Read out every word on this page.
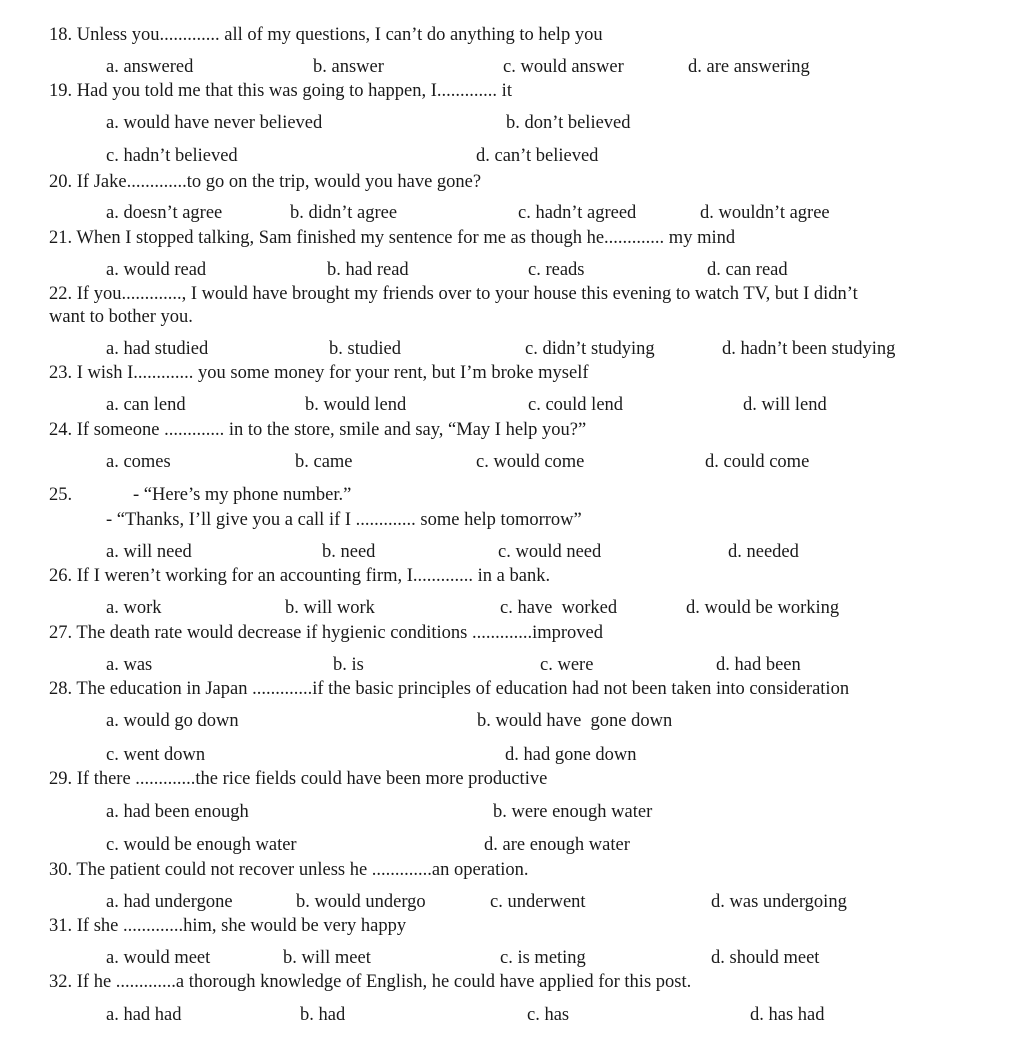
18. Unless you............. all of my questions, I can’t do anything to help you
a. answered	b. answer	c. would answer	d. are answering
19. Had you told me that this was going to happen, I............. it
a. would have never believed	b. don’t believed
c. hadn’t believed	d. can’t believed
20. If Jake.............to go on the trip, would you have gone?
a. doesn’t agree	b. didn’t agree	c. hadn’t agreed	d. wouldn’t agree
21. When I stopped talking, Sam finished my sentence for me as though he............. my mind
a. would read	b. had read	c. reads	d. can read
22. If you............., I would have brought my friends over to your house this evening to watch TV, but I didn’t
want to bother you.
a. had studied	b. studied	c. didn’t studying	d. hadn’t been studying
23. I wish I............. you some money for your rent, but I’m broke myself
a. can lend	b. would lend	c. could lend	d. will lend
24. If someone ............. in to the store, smile and say, “May I help you?”
a. comes	b. came	c. would come	d. could come
25.	- “Here’s my phone number.”
- “Thanks, I’ll give you a call if I ............. some help tomorrow”
a. will need	b. need	c. would need	d. needed
26. If I weren’t working for an accounting firm, I............. in a bank.
a. work	b. will work	c. have  worked	d. would be working
27. The death rate would decrease if hygienic conditions .............improved
a. was	b. is	c. were	d. had been
28. The education in Japan .............if the basic principles of education had not been taken into consideration
a. would go down	b. would have  gone down
c. went down	d. had gone down
29. If there .............the rice fields could have been more productive
a. had been enough	b. were enough water
c. would be enough water	d. are enough water
30. The patient could not recover unless he .............an operation.
a. had undergone	b. would undergo	c. underwent	d. was undergoing
31. If she .............him, she would be very happy
a. would meet	b. will meet	c. is meting	d. should meet
32. If he .............a thorough knowledge of English, he could have applied for this post.
a. had had	b. had	c. has	d. has had
